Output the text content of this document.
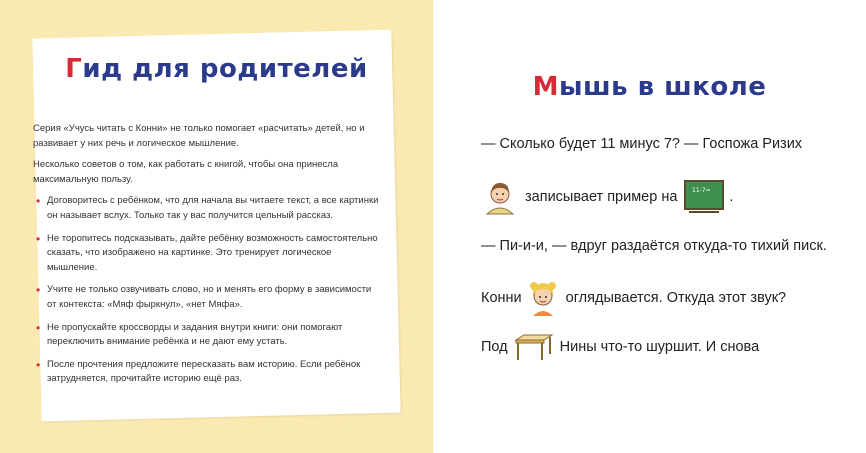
Гид для родителей

Серия «Учусь читать с Конни» не только помогает «расчитать» детей, но и развивает у них речь и логическое мышление.

Несколько советов о том, как работать с книгой, чтобы она принесла максимальную пользу.

• Договоритесь с ребёнком, что для начала вы читаете текст, а все картинки он называет вслух. Только так у вас получится цельный рассказ.
• Не торопитесь подсказывать, дайте ребёнку возможность самостоятельно сказать, что изображено на картинке. Это тренирует логическое мышление.
• Учите не только озвучивать слово, но и менять его форму в зависимости от контекста: «Мяф фыркнул», «нет Мяфа».
• Не пропускайте кроссворды и задания внутри книги: они помогают переключить внимание ребёнка и не дают ему устать.
• После прочтения предложите пересказать вам историю. Если ребёнок затрудняется, прочитайте историю ещё раз.
Мышь в школе
— Сколько будет 11 минус 7? — Госпожа Ризих
записывает пример на	11-7= .
— Пи-и-и, — вдруг раздаётся откуда-то тихий писк.
Конни	оглядывается. Откуда этот звук?
Под	Нины что-то шуршит. И снова
